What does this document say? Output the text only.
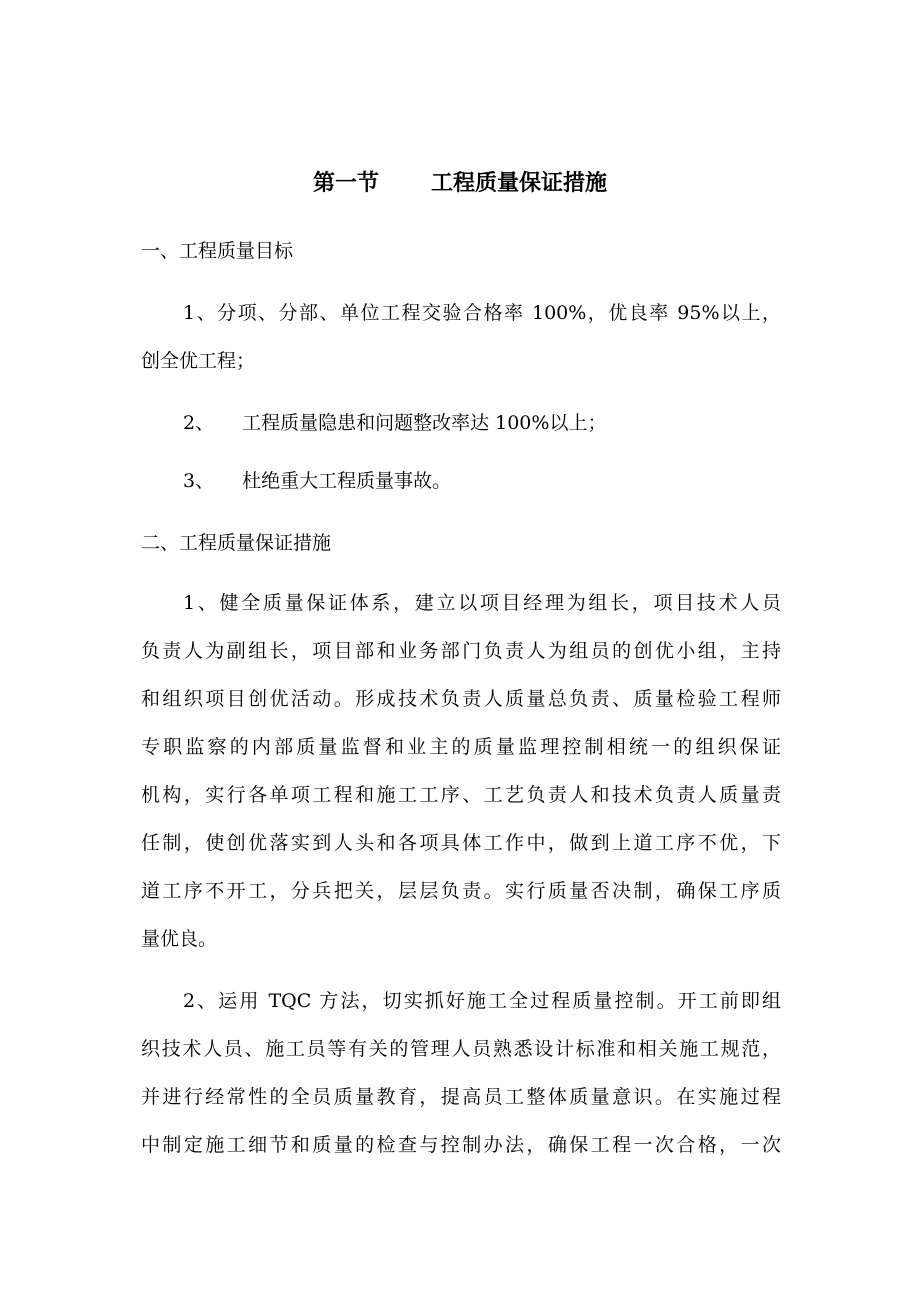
第一节 工程质量保证措施
一、工程质量目标
1、分项、分部、单位工程交验合格率 100%，优良率 95%以上，
创全优工程；
2、 工程质量隐患和问题整改率达 100%以上；
3、 杜绝重大工程质量事故。
二、工程质量保证措施
1、健全质量保证体系，建立以项目经理为组长，项目技术人员
负责人为副组长，项目部和业务部门负责人为组员的创优小组，主持
和组织项目创优活动。形成技术负责人质量总负责、质量检验工程师
专职监察的内部质量监督和业主的质量监理控制相统一的组织保证
机构，实行各单项工程和施工工序、工艺负责人和技术负责人质量责
任制，使创优落实到人头和各项具体工作中，做到上道工序不优，下
道工序不开工，分兵把关，层层负责。实行质量否决制，确保工序质
量优良。
2、运用 TQC 方法，切实抓好施工全过程质量控制。开工前即组
织技术人员、施工员等有关的管理人员熟悉设计标准和相关施工规范，
并进行经常性的全员质量教育，提高员工整体质量意识。在实施过程
中制定施工细节和质量的检查与控制办法，确保工程一次合格，一次
